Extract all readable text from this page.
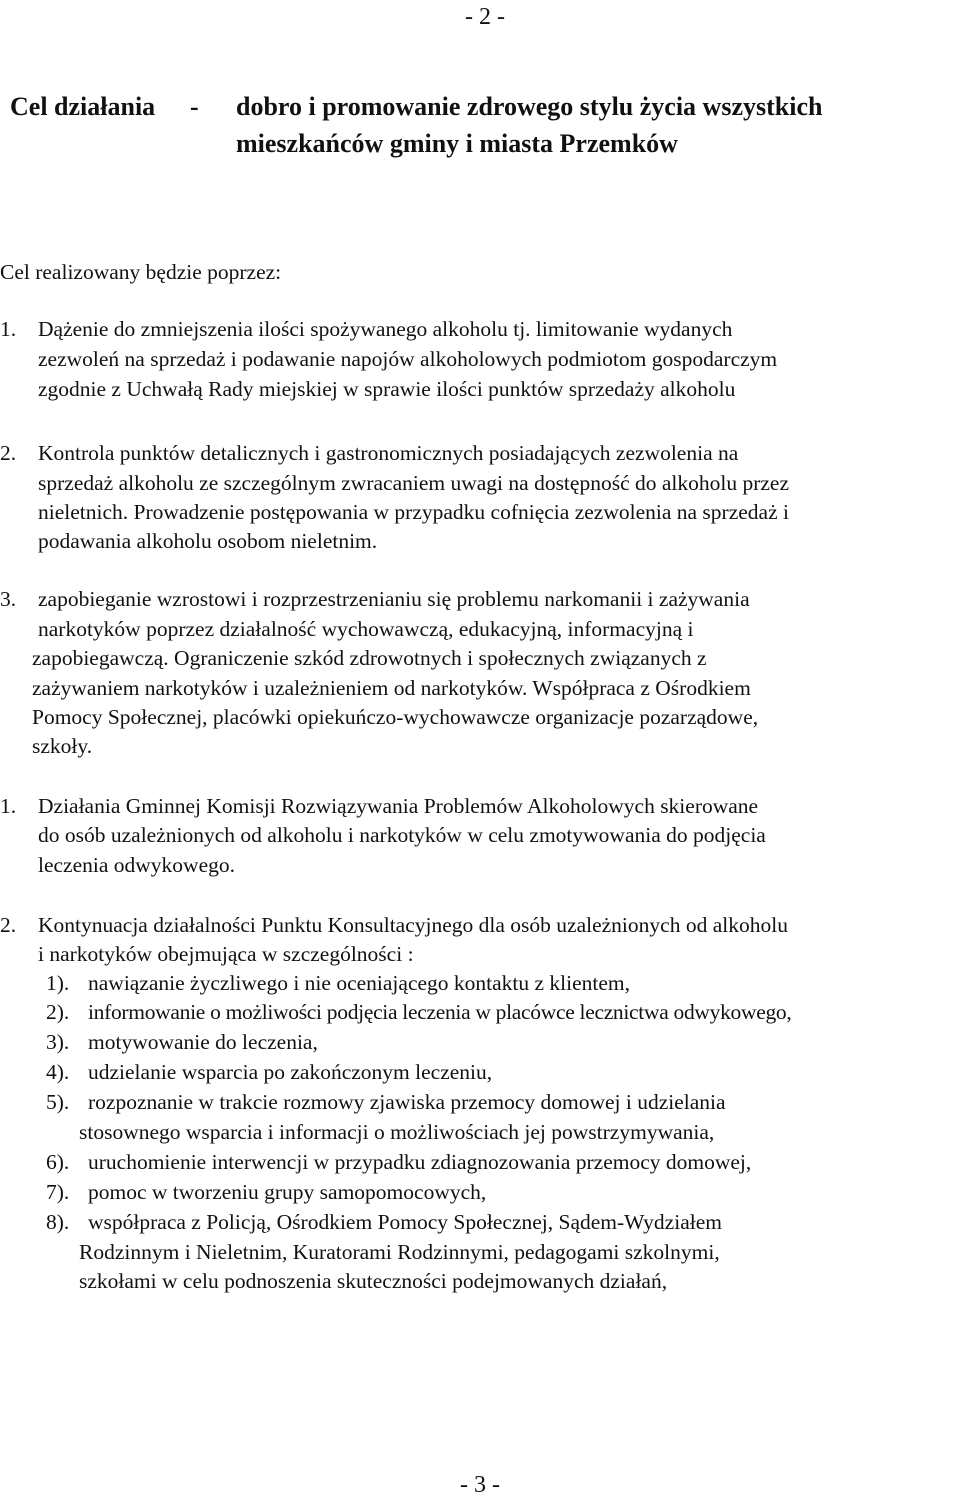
- 2 -
Cel działania - dobro i promowanie zdrowego stylu życia wszystkich
mieszkańców gminy i miasta Przemków
Cel realizowany będzie poprzez:
1. Dążenie do zmniejszenia ilości spożywanego alkoholu tj. limitowanie wydanych
zezwoleń na sprzedaż i podawanie napojów alkoholowych podmiotom gospodarczym
zgodnie z Uchwałą Rady miejskiej w sprawie ilości punktów sprzedaży alkoholu
2. Kontrola punktów detalicznych i gastronomicznych posiadających zezwolenia na
sprzedaż alkoholu ze szczególnym zwracaniem uwagi na dostępność do alkoholu przez
nieletnich. Prowadzenie postępowania w przypadku cofnięcia zezwolenia na sprzedaż i
podawania alkoholu osobom nieletnim.
3. zapobieganie wzrostowi i rozprzestrzenianiu się problemu narkomanii i zażywania
narkotyków poprzez działalność wychowawczą, edukacyjną, informacyjną i
zapobiegawczą. Ograniczenie szkód zdrowotnych i społecznych związanych z
zażywaniem narkotyków i uzależnieniem od narkotyków. Współpraca z Ośrodkiem
Pomocy Społecznej, placówki opiekuńczo-wychowawcze organizacje pozarządowe,
szkoły.
1. Działania Gminnej Komisji Rozwiązywania Problemów Alkoholowych skierowane
do osób uzależnionych od alkoholu i narkotyków w celu zmotywowania do podjęcia
leczenia odwykowego.
2. Kontynuacja działalności Punktu Konsultacyjnego dla osób uzależnionych od alkoholu
i narkotyków obejmująca w szczególności :
1). nawiązanie życzliwego i nie oceniającego kontaktu z klientem,
2). informowanie o możliwości podjęcia leczenia w placówce lecznictwa odwykowego,
3). motywowanie do leczenia,
4). udzielanie wsparcia po zakończonym leczeniu,
5). rozpoznanie w trakcie rozmowy zjawiska przemocy domowej i udzielania
stosownego wsparcia i informacji o możliwościach jej powstrzymywania,
6). uruchomienie interwencji w przypadku zdiagnozowania przemocy domowej,
7). pomoc w tworzeniu grupy samopomocowych,
8). współpraca z Policją, Ośrodkiem Pomocy Społecznej, Sądem-Wydziałem
Rodzinnym i Nieletnim, Kuratorami Rodzinnymi, pedagogami szkolnymi,
szkołami w celu podnoszenia skuteczności podejmowanych działań,
- 3 -
